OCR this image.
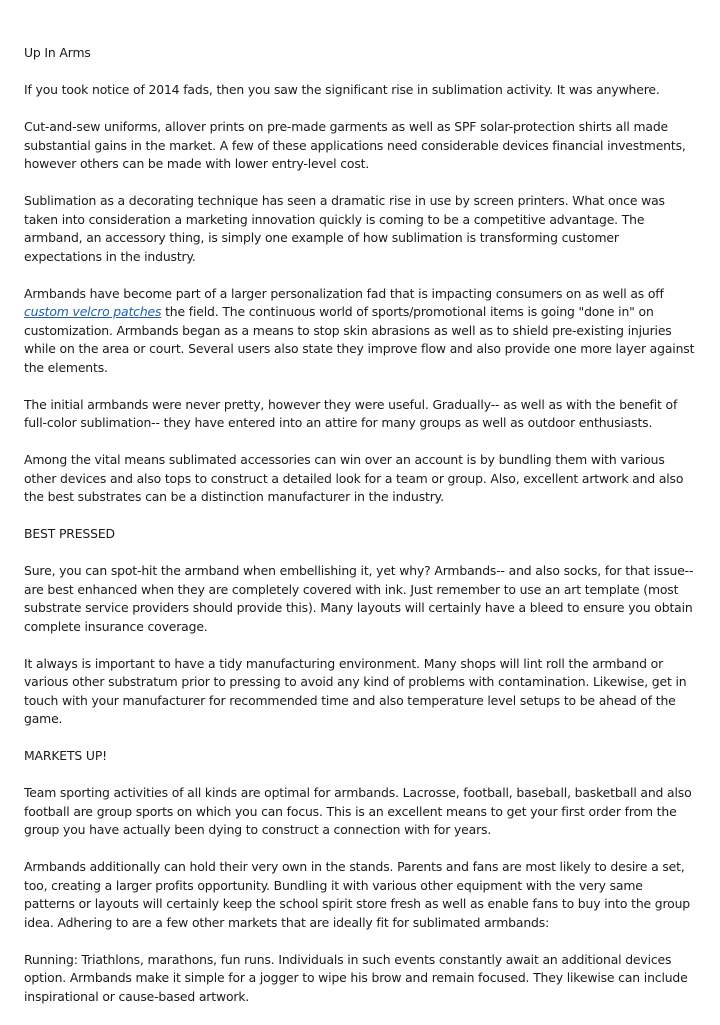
Up In Arms

If you took notice of 2014 fads, then you saw the significant rise in sublimation activity. It was anywhere.

Cut-and-sew uniforms, allover prints on pre-made garments as well as SPF solar-protection shirts all made substantial gains in the market. A few of these applications need considerable devices financial investments, however others can be made with lower entry-level cost.

Sublimation as a decorating technique has seen a dramatic rise in use by screen printers. What once was taken into consideration a marketing innovation quickly is coming to be a competitive advantage. The armband, an accessory thing, is simply one example of how sublimation is transforming customer expectations in the industry.

Armbands have become part of a larger personalization fad that is impacting consumers on as well as off custom velcro patches the field. The continuous world of sports/promotional items is going "done in" on customization. Armbands began as a means to stop skin abrasions as well as to shield pre-existing injuries while on the area or court. Several users also state they improve flow and also provide one more layer against the elements.

The initial armbands were never pretty, however they were useful. Gradually-- as well as with the benefit of full-color sublimation-- they have entered into an attire for many groups as well as outdoor enthusiasts.

Among the vital means sublimated accessories can win over an account is by bundling them with various other devices and also tops to construct a detailed look for a team or group. Also, excellent artwork and also the best substrates can be a distinction manufacturer in the industry.

BEST PRESSED

Sure, you can spot-hit the armband when embellishing it, yet why? Armbands-- and also socks, for that issue-- are best enhanced when they are completely covered with ink. Just remember to use an art template (most substrate service providers should provide this). Many layouts will certainly have a bleed to ensure you obtain complete insurance coverage.

It always is important to have a tidy manufacturing environment. Many shops will lint roll the armband or various other substratum prior to pressing to avoid any kind of problems with contamination. Likewise, get in touch with your manufacturer for recommended time and also temperature level setups to be ahead of the game.

MARKETS UP!

Team sporting activities of all kinds are optimal for armbands. Lacrosse, football, baseball, basketball and also football are group sports on which you can focus. This is an excellent means to get your first order from the group you have actually been dying to construct a connection with for years.

Armbands additionally can hold their very own in the stands. Parents and fans are most likely to desire a set, too, creating a larger profits opportunity. Bundling it with various other equipment with the very same patterns or layouts will certainly keep the school spirit store fresh as well as enable fans to buy into the group idea. Adhering to are a few other markets that are ideally fit for sublimated armbands:

Running: Triathlons, marathons, fun runs. Individuals in such events constantly await an additional devices option. Armbands make it simple for a jogger to wipe his brow and remain focused. They likewise can include inspirational or cause-based artwork.
